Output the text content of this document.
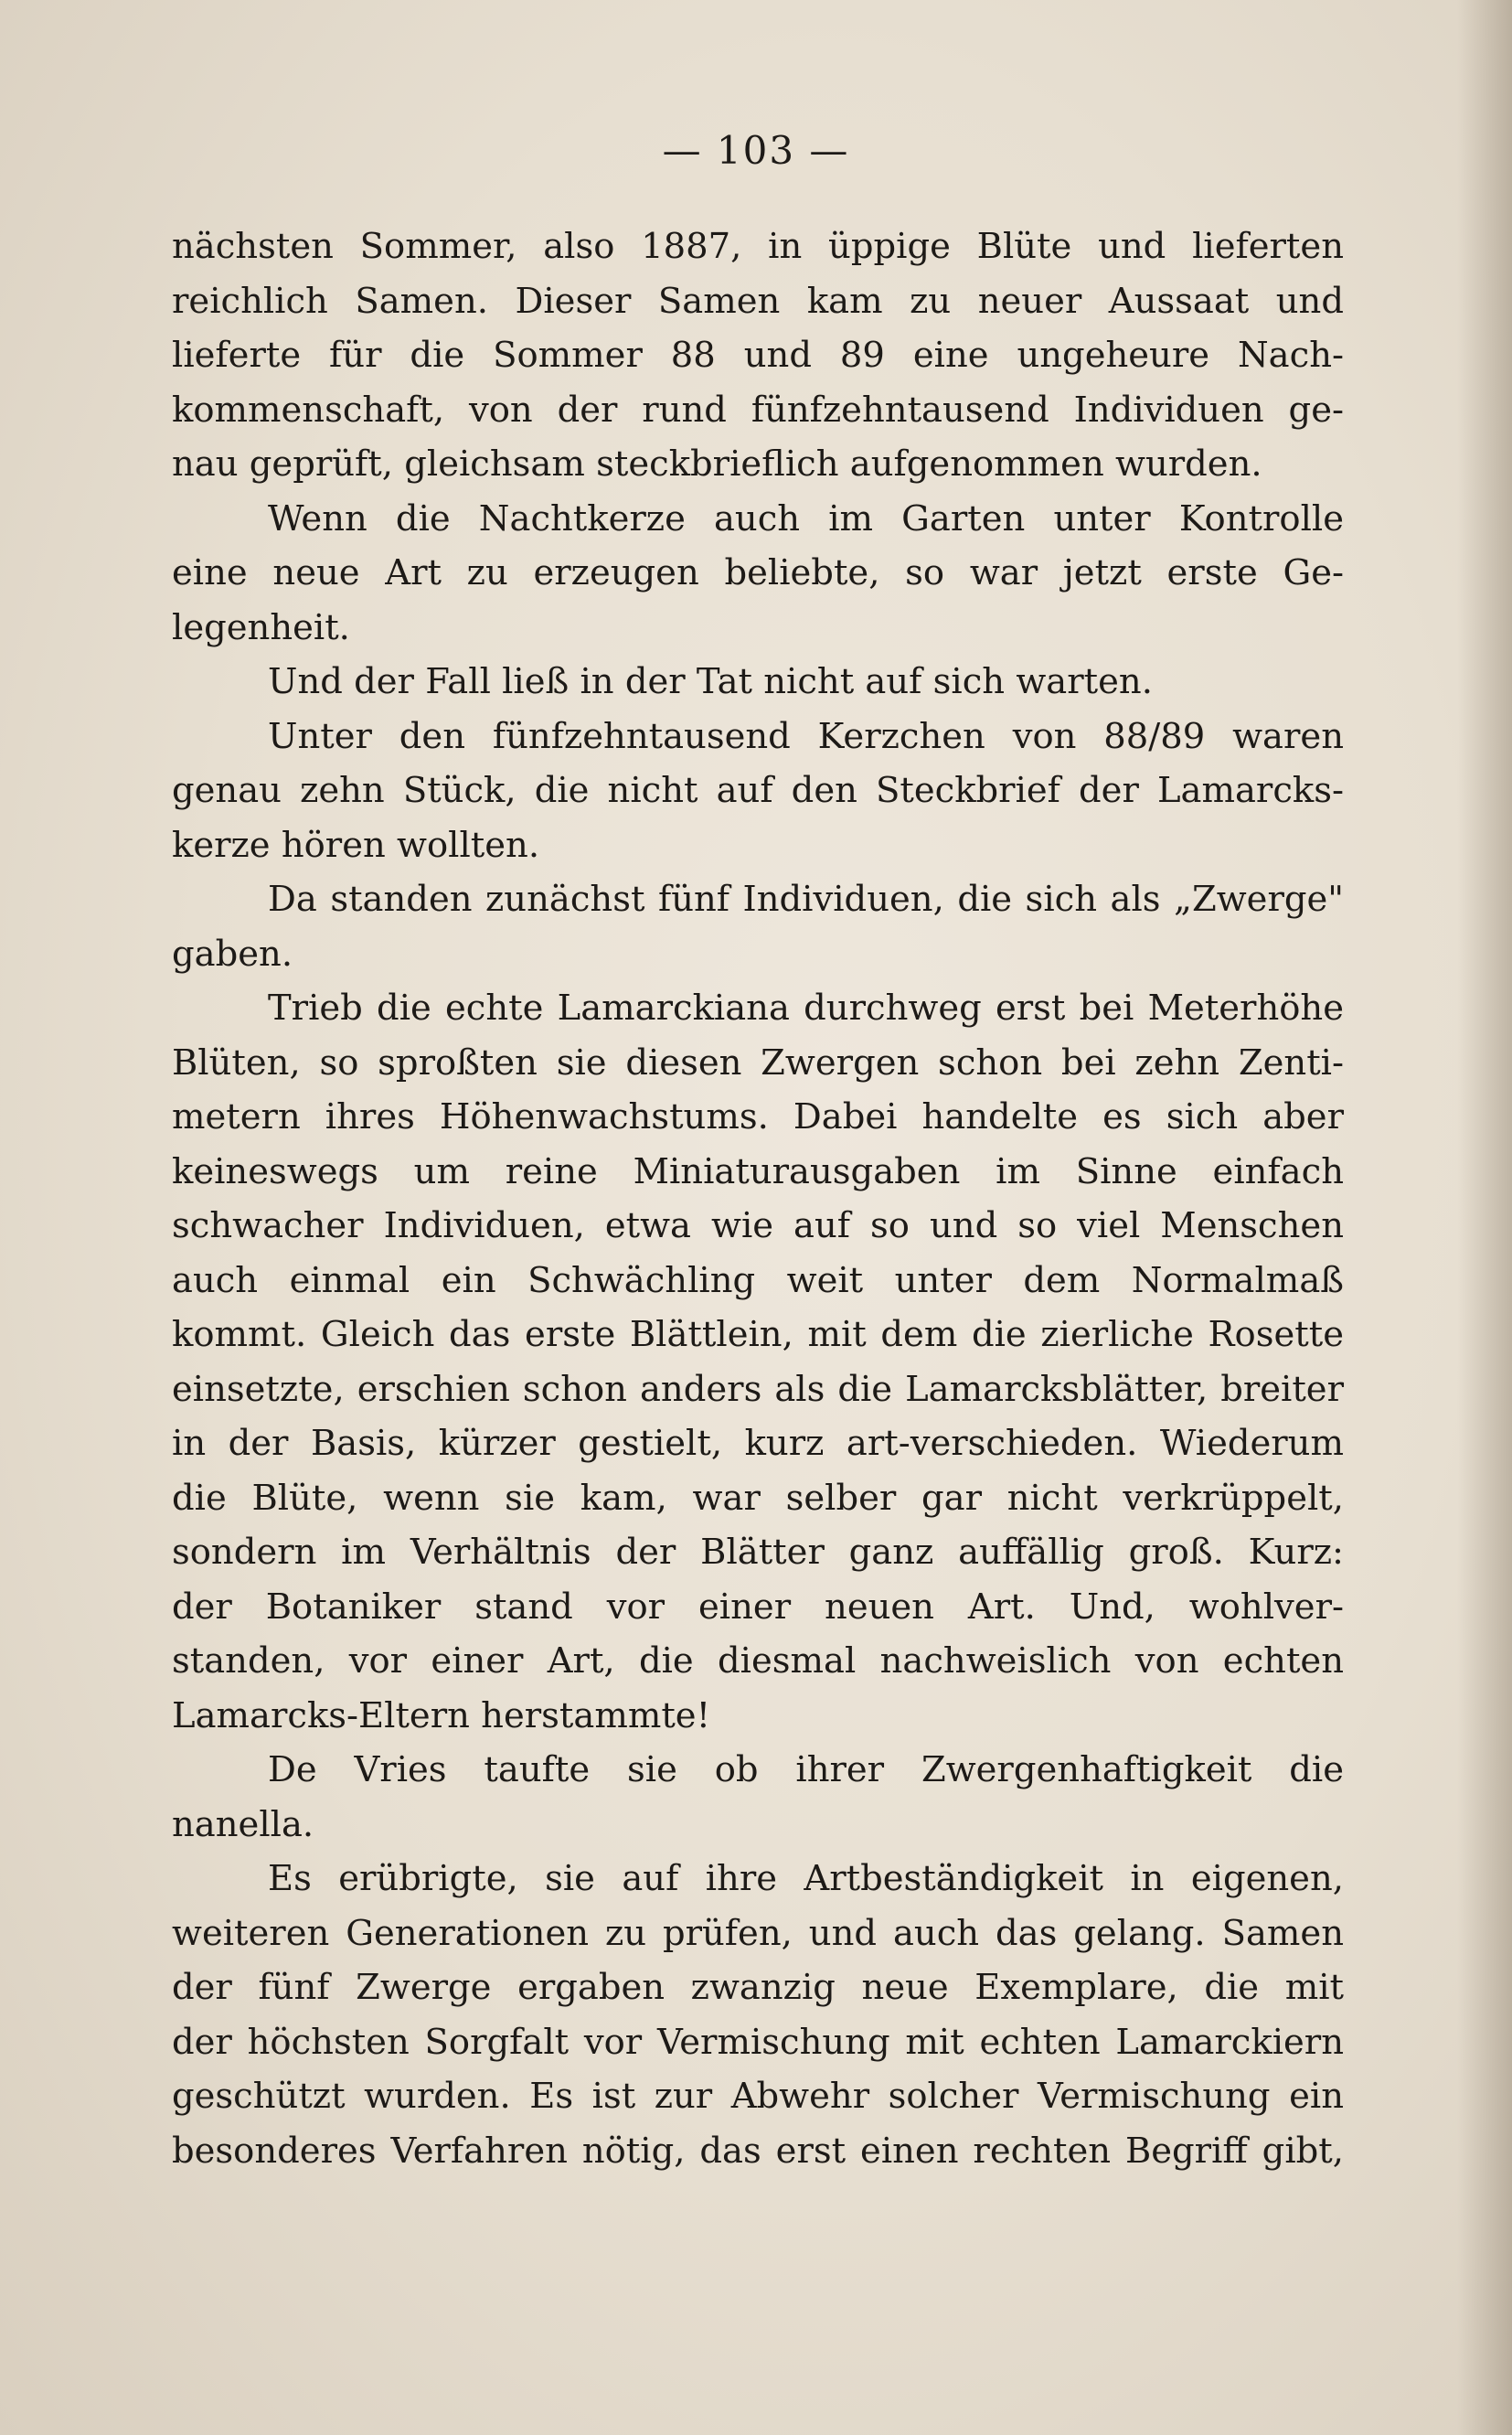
— 103 —
nächsten Sommer, also 1887, in üppige Blüte und lieferten
reichlich Samen. Dieser Samen kam zu neuer Aussaat und
lieferte für die Sommer 88 und 89 eine ungeheure Nach-
kommenschaft, von der rund fünfzehntausend Individuen ge-
nau geprüft, gleichsam steckbrieflich aufgenommen wurden.
Wenn die Nachtkerze auch im Garten unter Kontrolle
eine neue Art zu erzeugen beliebte, so war jetzt erste Ge-
legenheit.
Und der Fall ließ in der Tat nicht auf sich warten.
Unter den fünfzehntausend Kerzchen von 88/89 waren
genau zehn Stück, die nicht auf den Steckbrief der Lamarcks-
kerze hören wollten.
Da standen zunächst fünf Individuen, die sich als „Zwerge"
gaben.
Trieb die echte Lamarckiana durchweg erst bei Meterhöhe
Blüten, so sproßten sie diesen Zwergen schon bei zehn Zenti-
metern ihres Höhenwachstums. Dabei handelte es sich aber
keineswegs um reine Miniaturausgaben im Sinne einfach
schwacher Individuen, etwa wie auf so und so viel Menschen
auch einmal ein Schwächling weit unter dem Normalmaß
kommt. Gleich das erste Blättlein, mit dem die zierliche Rosette
einsetzte, erschien schon anders als die Lamarcksblätter, breiter
in der Basis, kürzer gestielt, kurz art-verschieden. Wiederum
die Blüte, wenn sie kam, war selber gar nicht verkrüppelt,
sondern im Verhältnis der Blätter ganz auffällig groß. Kurz:
der Botaniker stand vor einer neuen Art. Und, wohlver-
standen, vor einer Art, die diesmal nachweislich von echten
Lamarcks-Eltern herstammte!
De Vries taufte sie ob ihrer Zwergenhaftigkeit die
nanella.
Es erübrigte, sie auf ihre Artbeständigkeit in eigenen,
weiteren Generationen zu prüfen, und auch das gelang. Samen
der fünf Zwerge ergaben zwanzig neue Exemplare, die mit
der höchsten Sorgfalt vor Vermischung mit echten Lamarckiern
geschützt wurden. Es ist zur Abwehr solcher Vermischung ein
besonderes Verfahren nötig, das erst einen rechten Begriff gibt,
